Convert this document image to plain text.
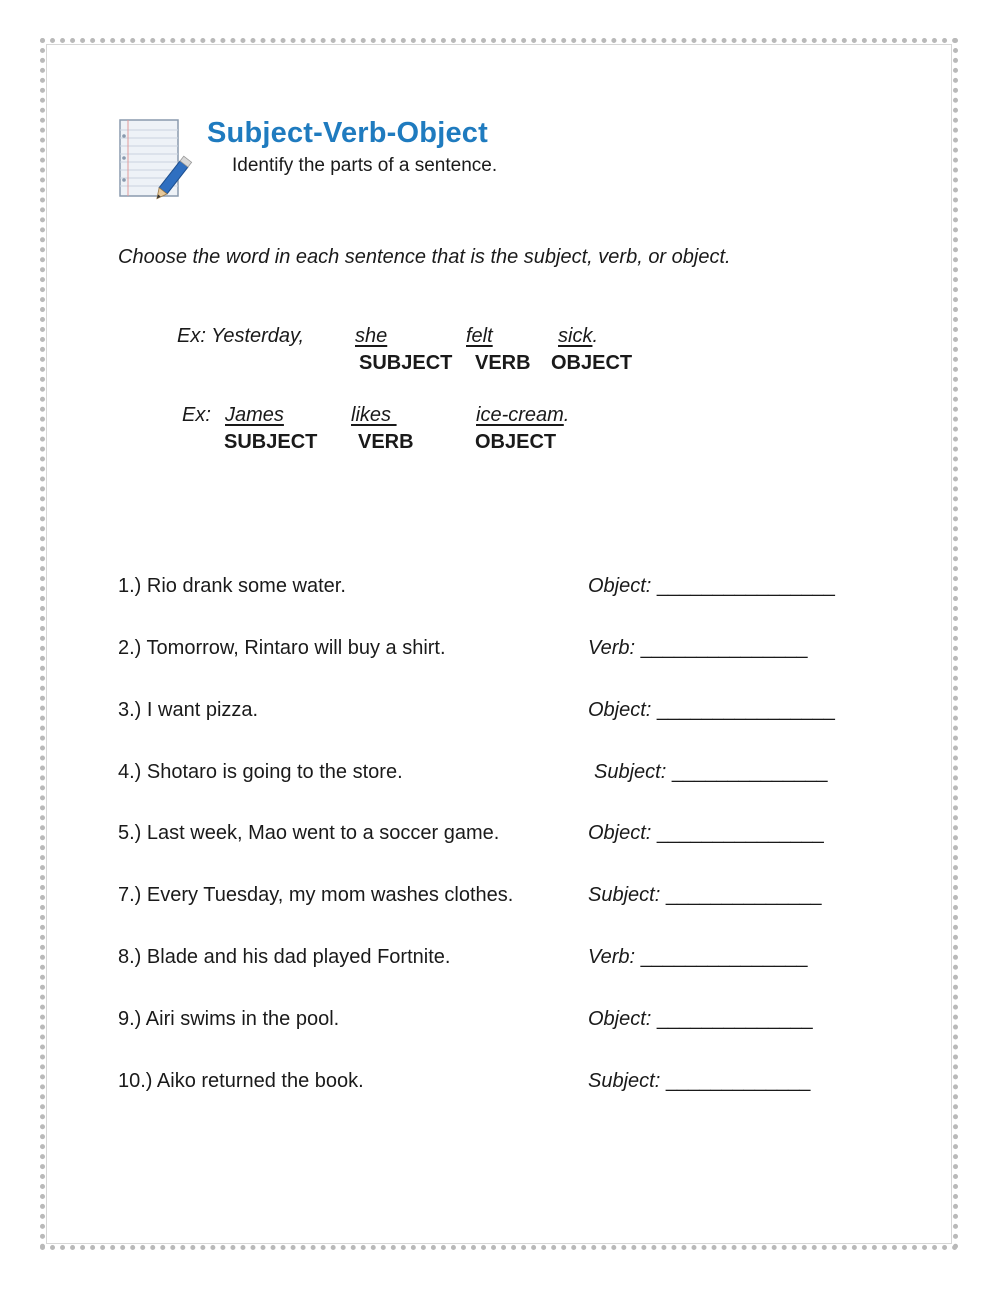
Subject-Verb-Object
Identify the parts of a sentence.
Choose the word in each sentence that is the subject, verb, or object.
Ex: Yesterday,	she	felt	sick.
SUBJECT VERB OBJECT
Ex: James	likes	ice-cream.
SUBJECT VERB	OBJECT
1.) Rio drank some water.	Object: ________________
2.) Tomorrow, Rintaro will buy a shirt.	Verb: _______________
3.) I want pizza.	Object: ________________
4.) Shotaro is going to the store.	Subject: ______________
5.) Last week, Mao went to a soccer game.	Object: _______________
7.) Every Tuesday, my mom washes clothes.	Subject: ______________
8.) Blade and his dad played Fortnite.	Verb: _______________
9.) Airi swims in the pool.	Object: ______________
10.) Aiko returned the book.	Subject: _____________
